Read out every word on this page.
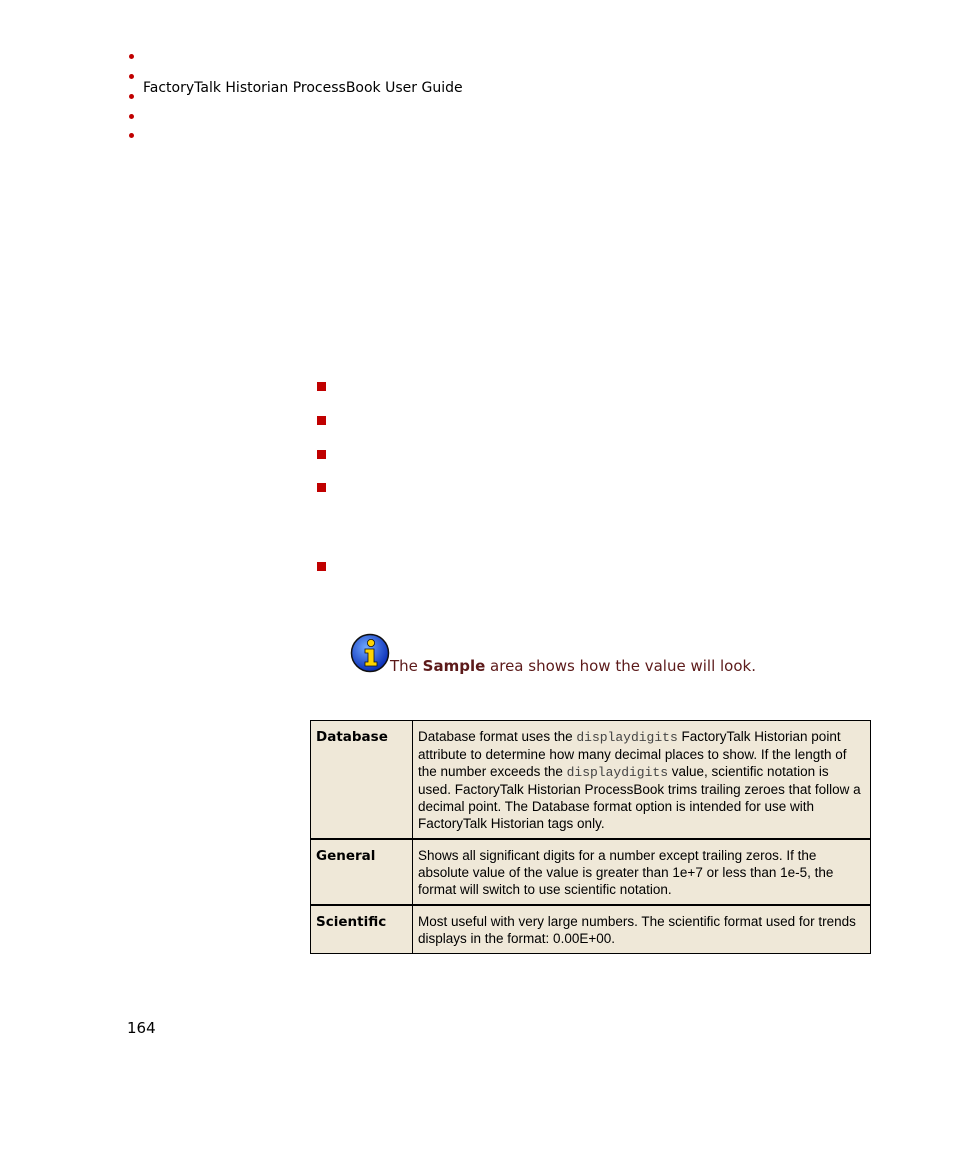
FactoryTalk Historian ProcessBook User Guide
The Sample area shows how the value will look.
Database	Database format uses the displaydigits FactoryTalk Historian point attribute to determine how many decimal places to show. If the length of the number exceeds the displaydigits value, scientific notation is used. FactoryTalk Historian ProcessBook trims trailing zeroes that follow a decimal point. The Database format option is intended for use with FactoryTalk Historian tags only.
General	Shows all significant digits for a number except trailing zeros. If the absolute value of the value is greater than 1e+7 or less than 1e-5, the format will switch to use scientific notation.
Scientific	Most useful with very large numbers. The scientific format used for trends displays in the format: 0.00E+00.
164
